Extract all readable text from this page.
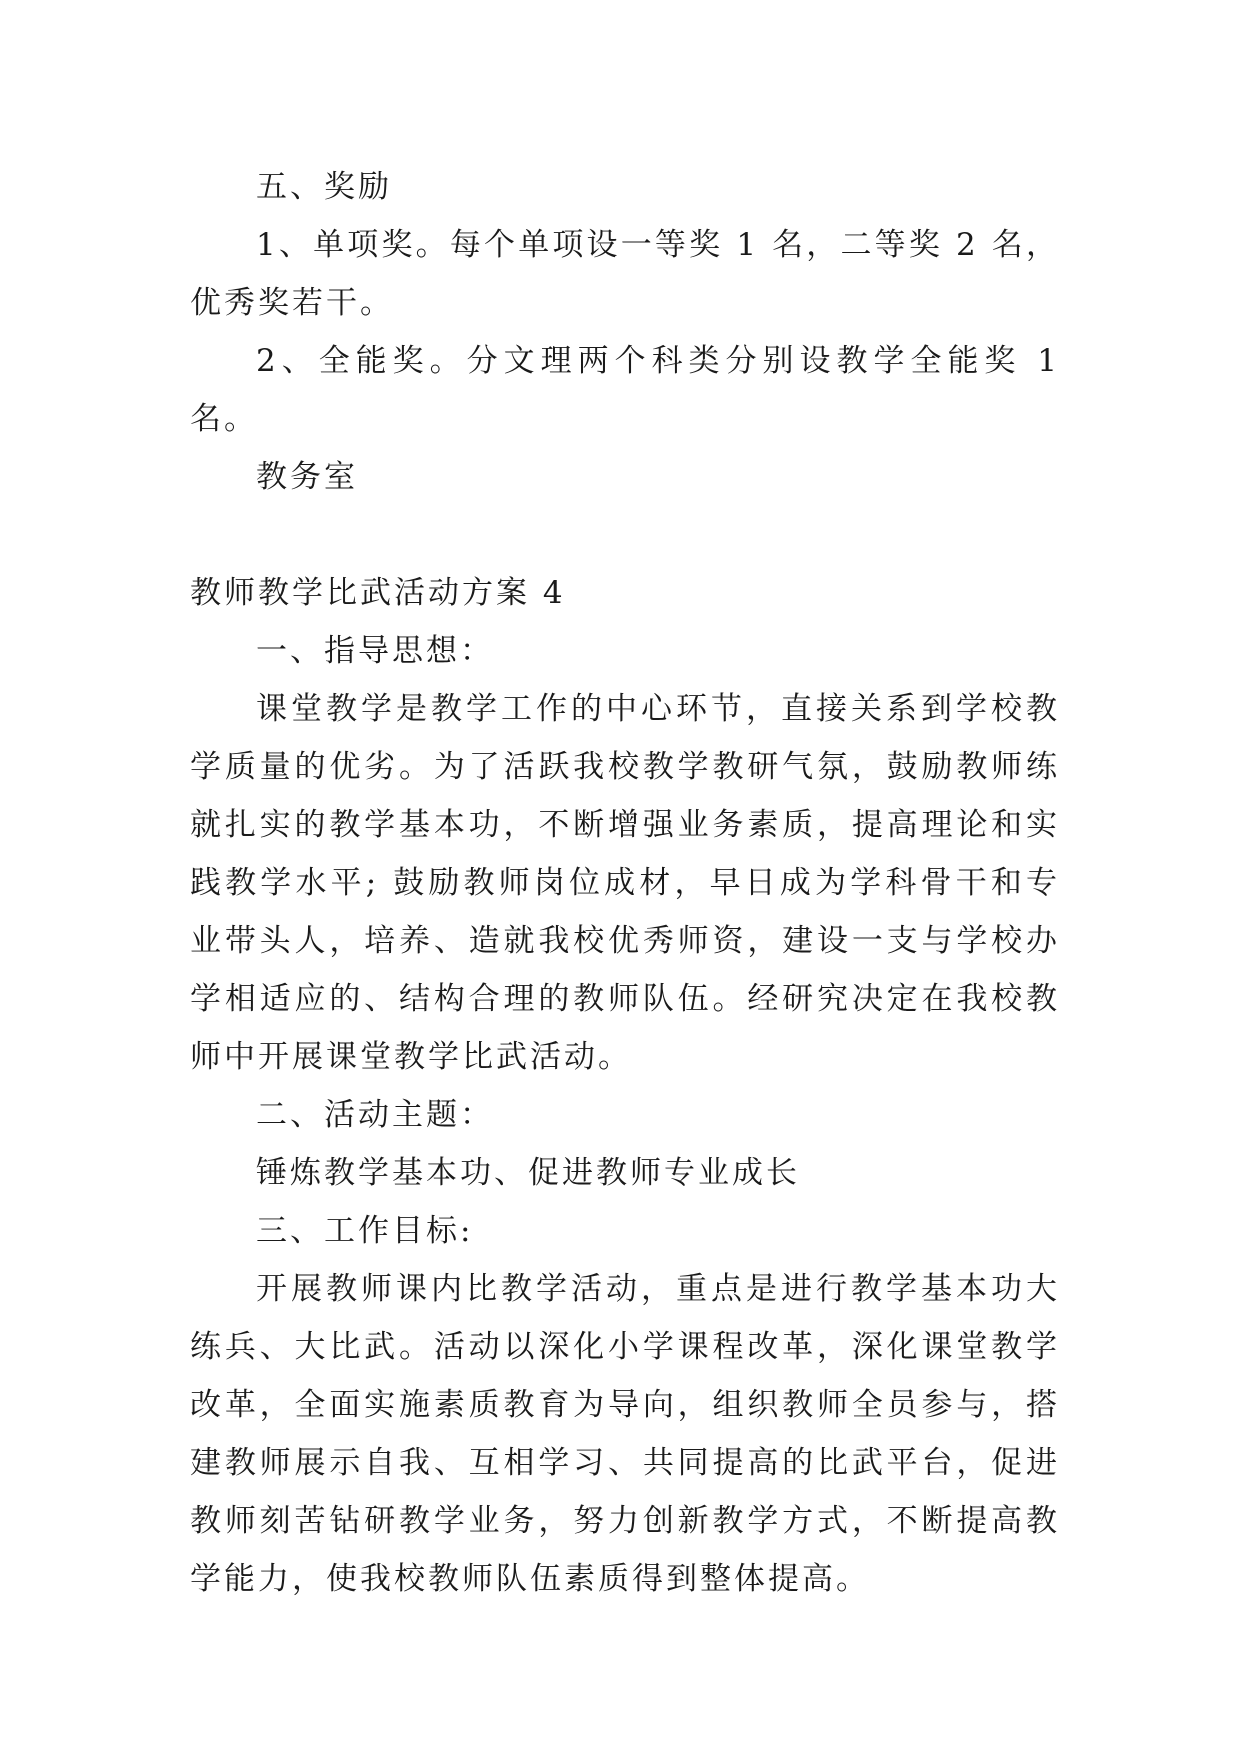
五、奖励

1、单项奖。每个单项设一等奖 1 名，二等奖 2 名，优秀奖若干。

2、全能奖。分文理两个科类分别设教学全能奖 1 名。

教务室

教师教学比武活动方案 4

一、指导思想：

课堂教学是教学工作的中心环节，直接关系到学校教学质量的优劣。为了活跃我校教学教研气氛，鼓励教师练就扎实的教学基本功，不断增强业务素质，提高理论和实践教学水平; 鼓励教师岗位成材，早日成为学科骨干和专业带头人，培养、造就我校优秀师资，建设一支与学校办学相适应的、结构合理的教师队伍。经研究决定在我校教师中开展课堂教学比武活动。

二、活动主题：

锤炼教学基本功、促进教师专业成长

三、工作目标:

开展教师课内比教学活动，重点是进行教学基本功大练兵、大比武。活动以深化小学课程改革，深化课堂教学改革，全面实施素质教育为导向，组织教师全员参与，搭建教师展示自我、互相学习、共同提高的比武平台，促进教师刻苦钻研教学业务，努力创新教学方式，不断提高教学能力，使我校教师队伍素质得到整体提高。
